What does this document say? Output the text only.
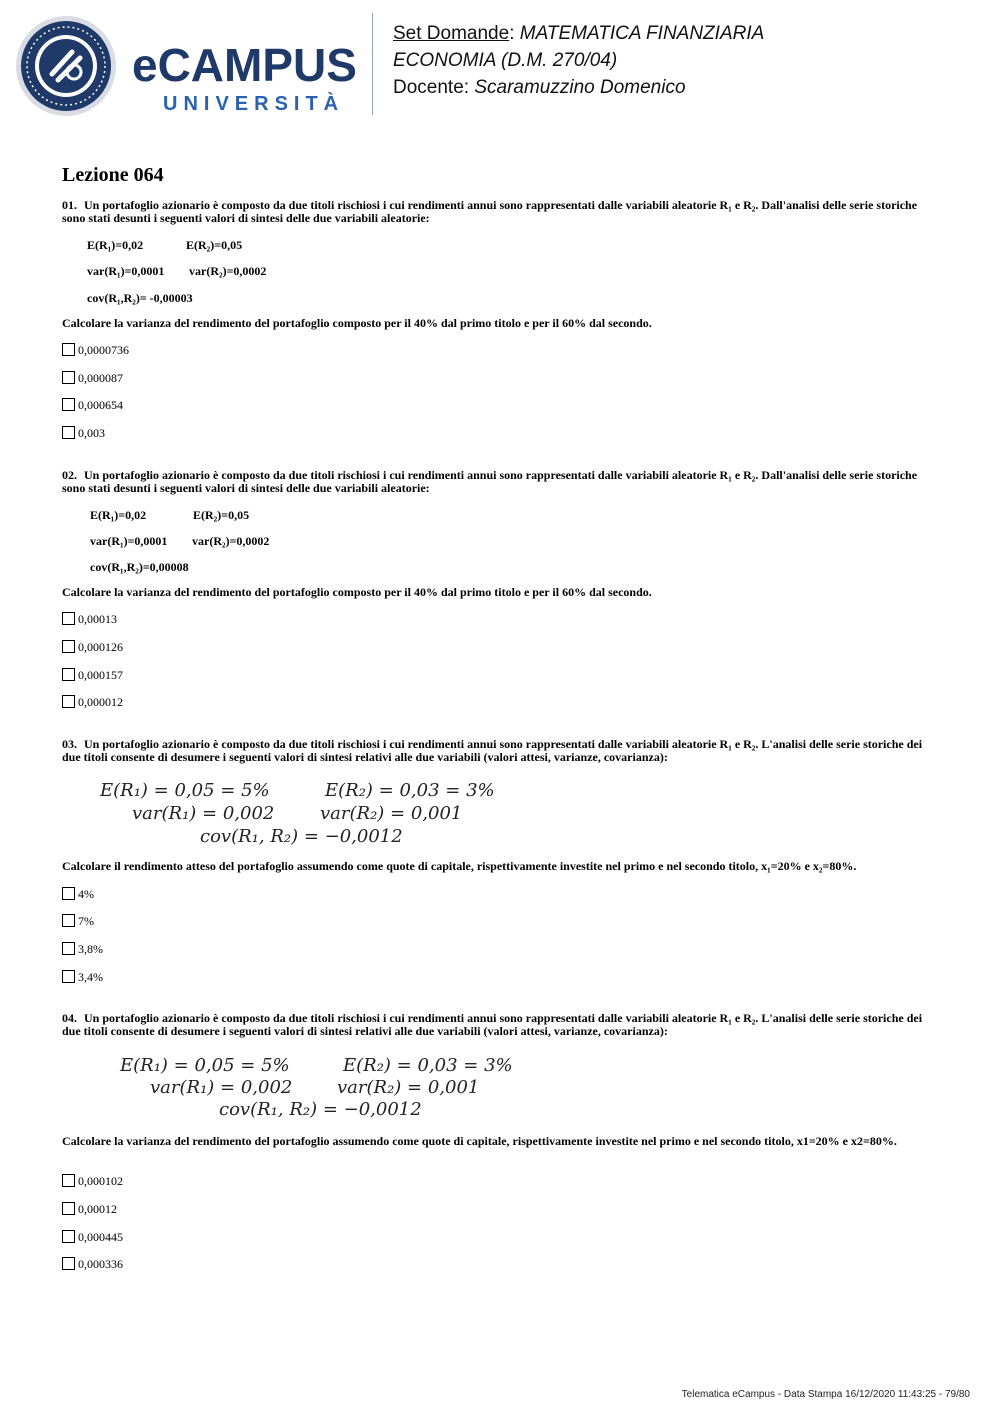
eCAMPUS
UNIVERSITÀ
Set Domande: MATEMATICA FINANZIARIA
ECONOMIA (D.M. 270/04)
Docente: Scaramuzzino Domenico
Lezione 064
01. Un portafoglio azionario è composto da due titoli rischiosi i cui rendimenti annui sono rappresentati dalle variabili aleatorie R₁ e R₂. Dall'analisi delle serie storiche sono stati desunti i seguenti valori di sintesi delle due variabili aleatorie:
E(R₁)=0,02	E(R₂)=0,05
var(R₁)=0,0001 var(R₂)=0,0002
cov(R₁,R₂)= -0,00003
Calcolare la varianza del rendimento del portafoglio composto per il 40% dal primo titolo e per il 60% dal secondo.
0,0000736
0,000087
0,000654
0,003
02. Un portafoglio azionario è composto da due titoli rischiosi i cui rendimenti annui sono rappresentati dalle variabili aleatorie R₁ e R₂. Dall'analisi delle serie storiche sono stati desunti i seguenti valori di sintesi delle due variabili aleatorie:
E(R₁)=0,02	E(R₂)=0,05
var(R₁)=0,0001 var(R₂)=0,0002
cov(R₁,R₂)=0,00008
Calcolare la varianza del rendimento del portafoglio composto per il 40% dal primo titolo e per il 60% dal secondo.
0,00013
0,000126
0,000157
0,000012
03. Un portafoglio azionario è composto da due titoli rischiosi i cui rendimenti annui sono rappresentati dalle variabili aleatorie R₁ e R₂. L'analisi delle serie storiche dei due titoli consente di desumere i seguenti valori di sintesi relativi alle due variabili (valori attesi, varianze, covarianza):
E(R₁) = 0,05 = 5%	E(R₂) = 0,03 = 3%
var(R₁) = 0,002	var(R₂) = 0,001
cov(R₁, R₂) = −0,0012
Calcolare il rendimento atteso del portafoglio assumendo come quote di capitale, rispettivamente investite nel primo e nel secondo titolo, x₁=20% e x₂=80%.
4%
7%
3,8%
3,4%
04. Un portafoglio azionario è composto da due titoli rischiosi i cui rendimenti annui sono rappresentati dalle variabili aleatorie R₁ e R₂. L'analisi delle serie storiche dei due titoli consente di desumere i seguenti valori di sintesi relativi alle due variabili (valori attesi, varianze, covarianza):
E(R₁) = 0,05 = 5%	E(R₂) = 0,03 = 3%
var(R₁) = 0,002 var(R₂) = 0,001
cov(R₁, R₂) = −0,0012
Calcolare la varianza del rendimento del portafoglio assumendo come quote di capitale, rispettivamente investite nel primo e nel secondo titolo, x1=20% e x2=80%.
0,000102
0,00012
0,000445
0,000336
Telematica eCampus - Data Stampa 16/12/2020 11:43:25 - 79/80
